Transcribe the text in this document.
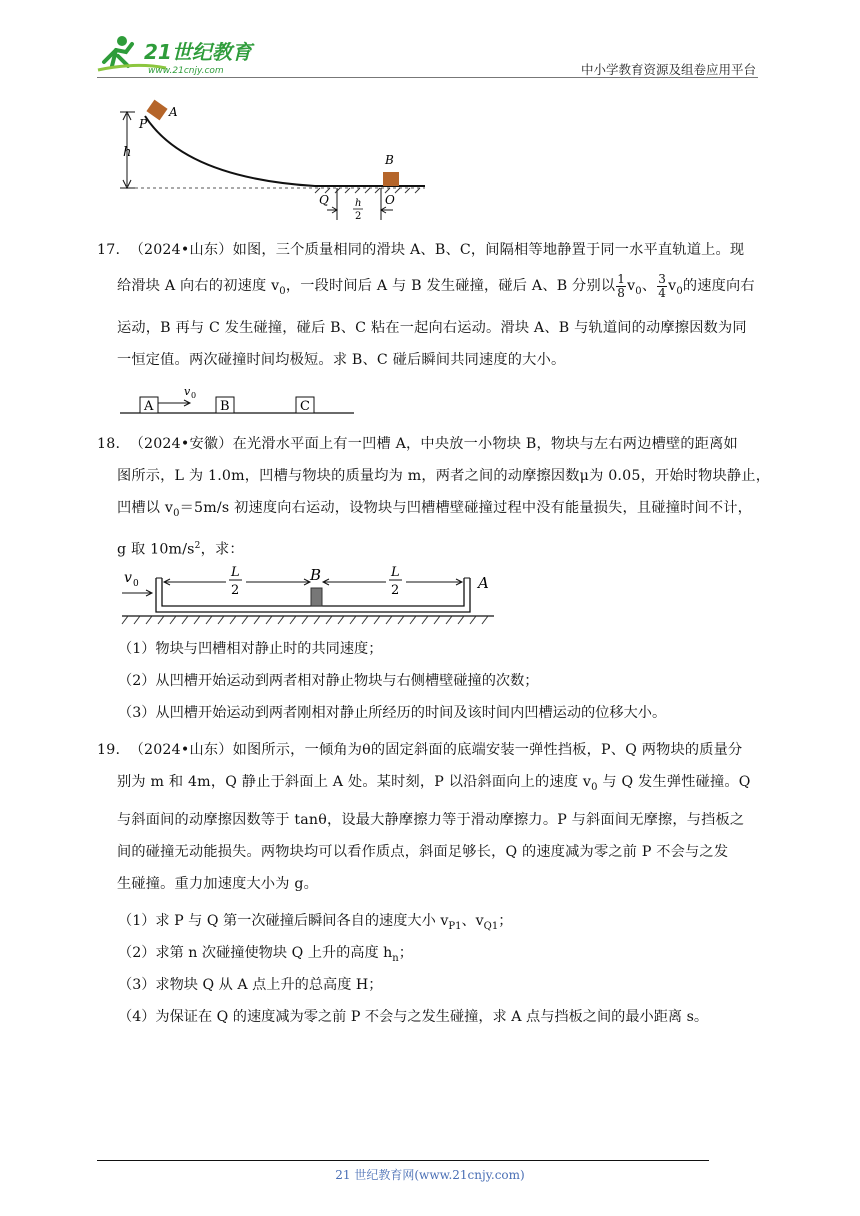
21世纪教育
www.21cnjy.com	中小学教育资源及组卷应用平台
h
P
A
B
Q	O
h
2
17. （2024•山东）如图，三个质量相同的滑块 A、B、C，间隔相等地静置于同一水平直轨道上。现
给滑块 A 向右的初速度 $v_0$，一段时间后 A 与 B 发生碰撞，碰后 A、B 分别以 $\frac{1}{8} v_0$、 $\frac{3}{4} v_0$的速度向右
运动，B 再与 C 发生碰撞，碰后 B、C 粘在一起向右运动。滑块 A、B 与轨道间的动摩擦因数为同
一恒定值。两次碰撞时间均极短。求 B、C 碰后瞬间共同速度的大小。
A
v 0
B	C
18. （2024•安徽）在光滑水平面上有一凹槽 A，中央放一小物块 B，物块与左右两边槽壁的距离如
图所示，L 为 1.0m，凹槽与物块的质量均为 m，两者之间的动摩擦因数μ为 0.05，开始时物块静止，
凹槽以 $v_0=5m/s$ 初速度向右运动，设物块与凹槽槽壁碰撞过程中没有能量损失，且碰撞时间不计，
g 取 $10m/s^2$，求：
v 0	B	A
L
2
L
2
（1）物块与凹槽相对静止时的共同速度；
（2）从凹槽开始运动到两者相对静止物块与右侧槽壁碰撞的次数；
（3）从凹槽开始运动到两者刚相对静止所经历的时间及该时间内凹槽运动的位移大小。
19. （2024•山东）如图所示，一倾角为θ的固定斜面的底端安装一弹性挡板，P、Q 两物块的质量分
别为 m 和 4m，Q 静止于斜面上 A 处。某时刻，P 以沿斜面向上的速度 $v_0$ 与 Q 发生弹性碰撞。Q
与斜面间的动摩擦因数等于 tanθ，设最大静摩擦力等于滑动摩擦力。P 与斜面间无摩擦，与挡板之
间的碰撞无动能损失。两物块均可以看作质点，斜面足够长，Q 的速度减为零之前 P 不会与之发
生碰撞。重力加速度大小为 g。
（1）求 P 与 Q 第一次碰撞后瞬间各自的速度大小 $v_{P1}$、$v_{Q1}$；
（2）求第 n 次碰撞使物块 Q 上升的高度 $h_n$；
（3）求物块 Q 从 A 点上升的总高度 H；
（4）为保证在 Q 的速度减为零之前 P 不会与之发生碰撞，求 A 点与挡板之间的最小距离 s。
21 世纪教育网(www.21cnjy.com)
